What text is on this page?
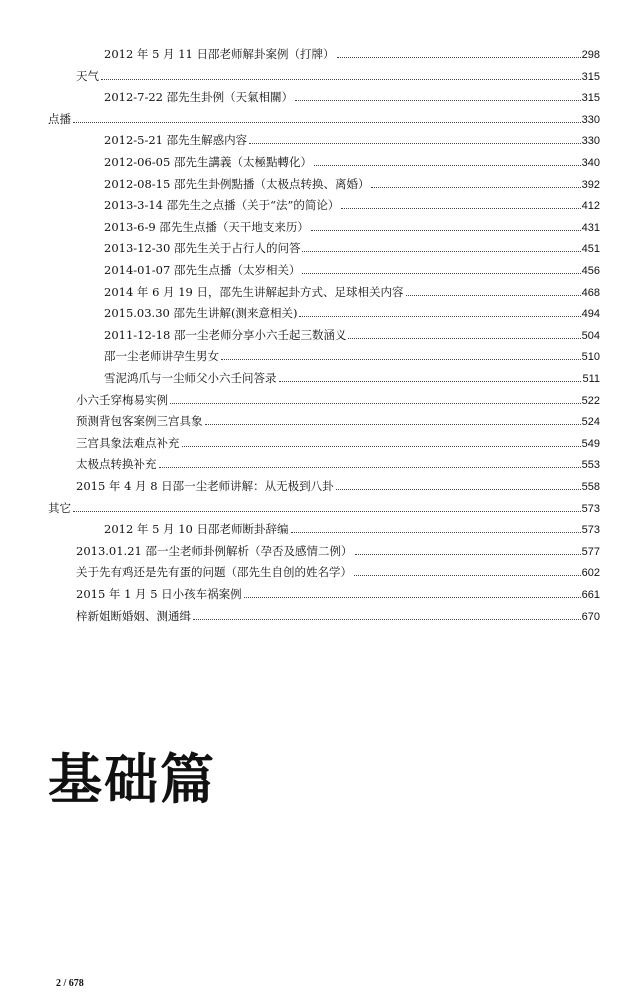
2012 年 5 月 11 日邵老师解卦案例（打牌）	298
天气	315
2012-7-22 邵先生卦例（天氣相關）	315
点播	330
2012-5-21 邵先生解惑内容	330
2012-06-05 邵先生講義（太極點轉化）	340
2012-08-15 邵先生卦例點播（太极点转换、离婚）	392
2013-3-14 邵先生之点播（关于“法”的简论）	412
2013-6-9 邵先生点播（天干地支来历）	431
2013-12-30 邵先生关于占行人的问答	451
2014-01-07 邵先生点播（太岁相关）	456
2014 年 6 月 19 日，邵先生讲解起卦方式、足球相关内容	468
2015.03.30 邵先生讲解(测来意相关)	494
2011-12-18 邵一尘老师分享小六壬起三数涵义	504
邵一尘老师讲孕生男女	510
雪泥鸿爪与一尘师父小六壬问答录	511
小六壬穿梅易实例	522
预测背包客案例三宫具象	524
三宫具象法难点补充	549
太极点转换补充	553
2015 年 4 月 8 日邵一尘老师讲解：从无极到八卦	558
其它	573
2012 年 5 月 10 日邵老师断卦辞编	573
2013.01.21 邵一尘老师卦例解析（孕否及感情二例）	577
关于先有鸡还是先有蛋的问题（邵先生自创的姓名学）	602
2015 年 1 月 5 日小孩车祸案例	661
梓新姐断婚姻、测通缉	670
基础篇
2 / 678
